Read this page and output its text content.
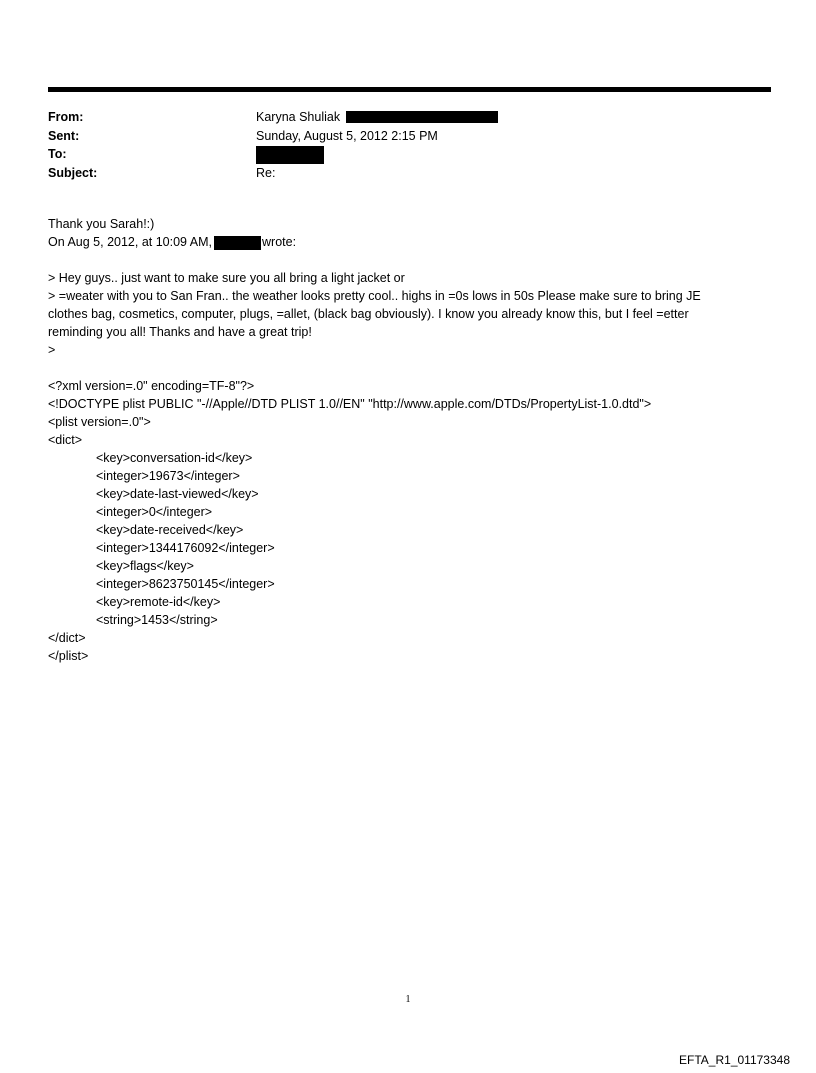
From:	Karyna Shuliak
Sent:	Sunday, August 5, 2012 2:15 PM
To:
Subject:	Re:
Thank you Sarah!:)
On Aug 5, 2012, at 10:09 AM,	wrote:
> Hey guys.. just want to make sure you all bring a light jacket or
> =weater with you to San Fran.. the weather looks pretty cool.. highs in =0s lows in 50s Please make sure to bring JE
clothes bag, cosmetics, computer, plugs, =allet, (black bag obviously). I know you already know this, but I feel =etter
reminding you all! Thanks and have a great trip!
>
<?xml version=.0" encoding=TF-8"?>
<!DOCTYPE plist PUBLIC "-//Apple//DTD PLIST 1.0//EN" "http://www.apple.com/DTDs/PropertyList-1.0.dtd">
<plist version=.0">
<dict>
<key>conversation-id</key>
<integer>19673</integer>
<key>date-last-viewed</key>
<integer>0</integer>
<key>date-received</key>
<integer>1344176092</integer>
<key>flags</key>
<integer>8623750145</integer>
<key>remote-id</key>
<string>1453</string>
</dict>
</plist>
1
EFTA_R1_01173348
